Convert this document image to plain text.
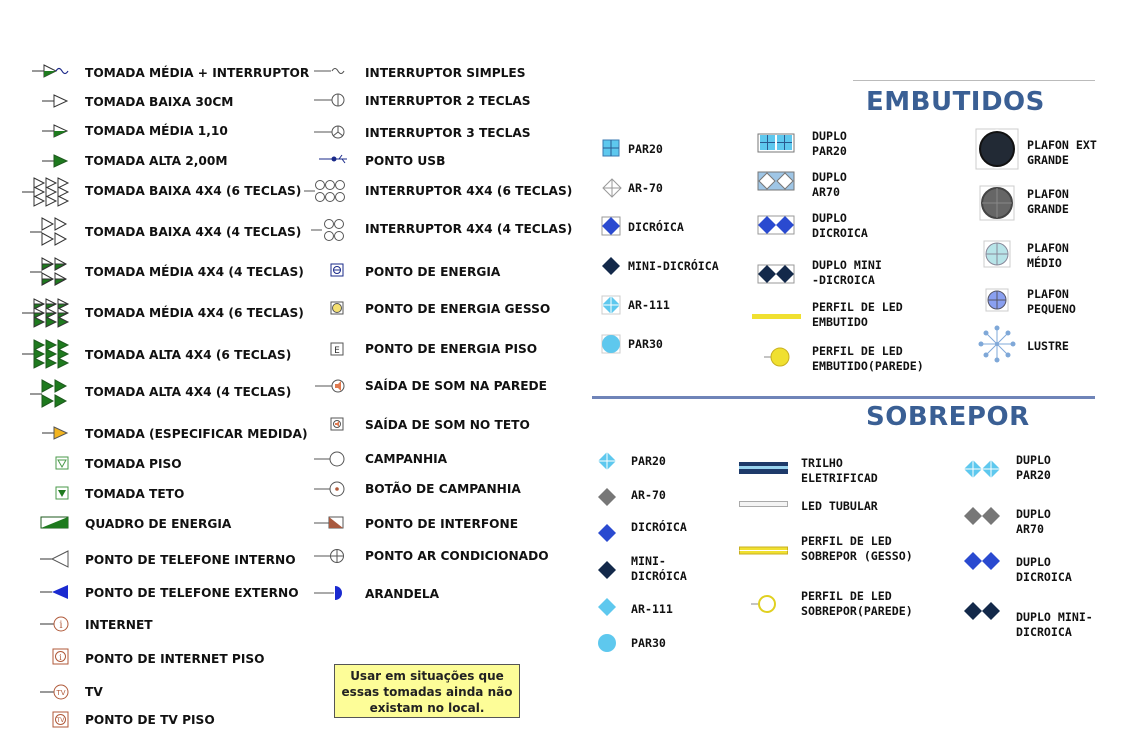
TOMADA MÉDIA + INTERRUPTOR
TOMADA BAIXA 30CM
TOMADA MÉDIA 1,10
TOMADA ALTA 2,00M
TOMADA BAIXA 4X4 (6 TECLAS)
TOMADA BAIXA 4X4 (4 TECLAS)
TOMADA MÉDIA 4X4 (4 TECLAS)
TOMADA MÉDIA 4X4 (6 TECLAS)
TOMADA ALTA 4X4 (6 TECLAS)
TOMADA ALTA 4X4 (4 TECLAS)
TOMADA (ESPECIFICAR MEDIDA)
TOMADA PISO
TOMADA TETO
QUADRO DE ENERGIA
PONTO DE TELEFONE INTERNO
PONTO DE TELEFONE EXTERNO
i INTERNET
i PONTO DE INTERNET PISO
TV TV
TV PONTO DE TV PISO
INTERRUPTOR SIMPLES
INTERRUPTOR 2 TECLAS
INTERRUPTOR 3 TECLAS
PONTO USB
INTERRUPTOR 4X4 (6 TECLAS)
INTERRUPTOR 4X4 (4 TECLAS)
PONTO DE ENERGIA
PONTO DE ENERGIA GESSO
E PONTO DE ENERGIA PISO
SAÍDA DE SOM NA PAREDE
SAÍDA DE SOM NO TETO
CAMPANHIA
BOTÃO DE CAMPANHIA
PONTO DE INTERFONE
PONTO AR CONDICIONADO
ARANDELA
Usar em situações que essas tomadas ainda não existam no local.
EMBUTIDOS
PAR20
AR-70
DICRÓICA
MINI-DICRÓICA
AR-111
PAR30
DUPLO
PAR20
DUPLO
AR70
DUPLO
DICROICA
DUPLO MINI
-DICROICA
PERFIL DE LED
EMBUTIDO
PERFIL DE LED
EMBUTIDO(PAREDE)
PLAFON EXT
GRANDE
PLAFON
GRANDE
PLAFON
MÉDIO
PLAFON
PEQUENO
LUSTRE
SOBREPOR
PAR20
AR-70
DICRÓICA
MINI-
DICRÓICA
AR-111
PAR30
TRILHO
ELETRIFICAD
LED TUBULAR
PERFIL DE LED
SOBREPOR (GESSO)
PERFIL DE LED
SOBREPOR(PAREDE)
DUPLO
PAR20
DUPLO
AR70
DUPLO
DICROICA
DUPLO MINI-
DICROICA
